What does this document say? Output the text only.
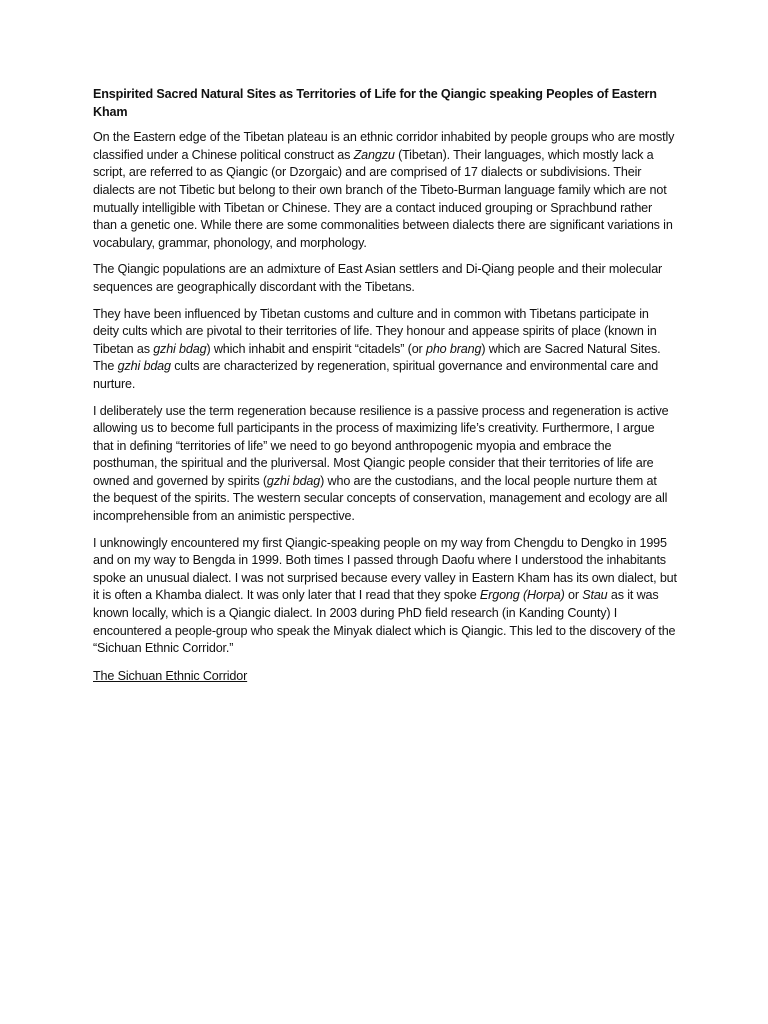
Enspirited Sacred Natural Sites as Territories of Life for the Qiangic speaking Peoples of Eastern Kham

On the Eastern edge of the Tibetan plateau is an ethnic corridor inhabited by people groups who are mostly classified under a Chinese political construct as Zangzu (Tibetan). Their languages, which mostly lack a script, are referred to as Qiangic (or Dzorgaic) and are comprised of 17 dialects or subdivisions. Their dialects are not Tibetic but belong to their own branch of the Tibeto-Burman language family which are not mutually intelligible with Tibetan or Chinese. They are a contact induced grouping or Sprachbund rather than a genetic one. While there are some commonalities between dialects there are significant variations in vocabulary, grammar, phonology, and morphology.

The Qiangic populations are an admixture of East Asian settlers and Di-Qiang people and their molecular sequences are geographically discordant with the Tibetans.

They have been influenced by Tibetan customs and culture and in common with Tibetans participate in deity cults which are pivotal to their territories of life. They honour and appease spirits of place (known in Tibetan as gzhi bdag) which inhabit and enspirit “citadels” (or pho brang) which are Sacred Natural Sites. The gzhi bdag cults are characterized by regeneration, spiritual governance and environmental care and nurture.

I deliberately use the term regeneration because resilience is a passive process and regeneration is active allowing us to become full participants in the process of maximizing life’s creativity. Furthermore, I argue that in defining “territories of life” we need to go beyond anthropogenic myopia and embrace the posthuman, the spiritual and the pluriversal. Most Qiangic people consider that their territories of life are owned and governed by spirits (gzhi bdag) who are the custodians, and the local people nurture them at the bequest of the spirits. The western secular concepts of conservation, management and ecology are all incomprehensible from an animistic perspective.

I unknowingly encountered my first Qiangic-speaking people on my way from Chengdu to Dengko in 1995 and on my way to Bengda in 1999. Both times I passed through Daofu where I understood the inhabitants spoke an unusual dialect. I was not surprised because every valley in Eastern Kham has its own dialect, but it is often a Khamba dialect. It was only later that I read that they spoke Ergong (Horpa) or Stau as it was known locally, which is a Qiangic dialect. In 2003 during PhD field research (in Kanding County) I encountered a people-group who speak the Minyak dialect which is Qiangic. This led to the discovery of the “Sichuan Ethnic Corridor.”

The Sichuan Ethnic Corridor
